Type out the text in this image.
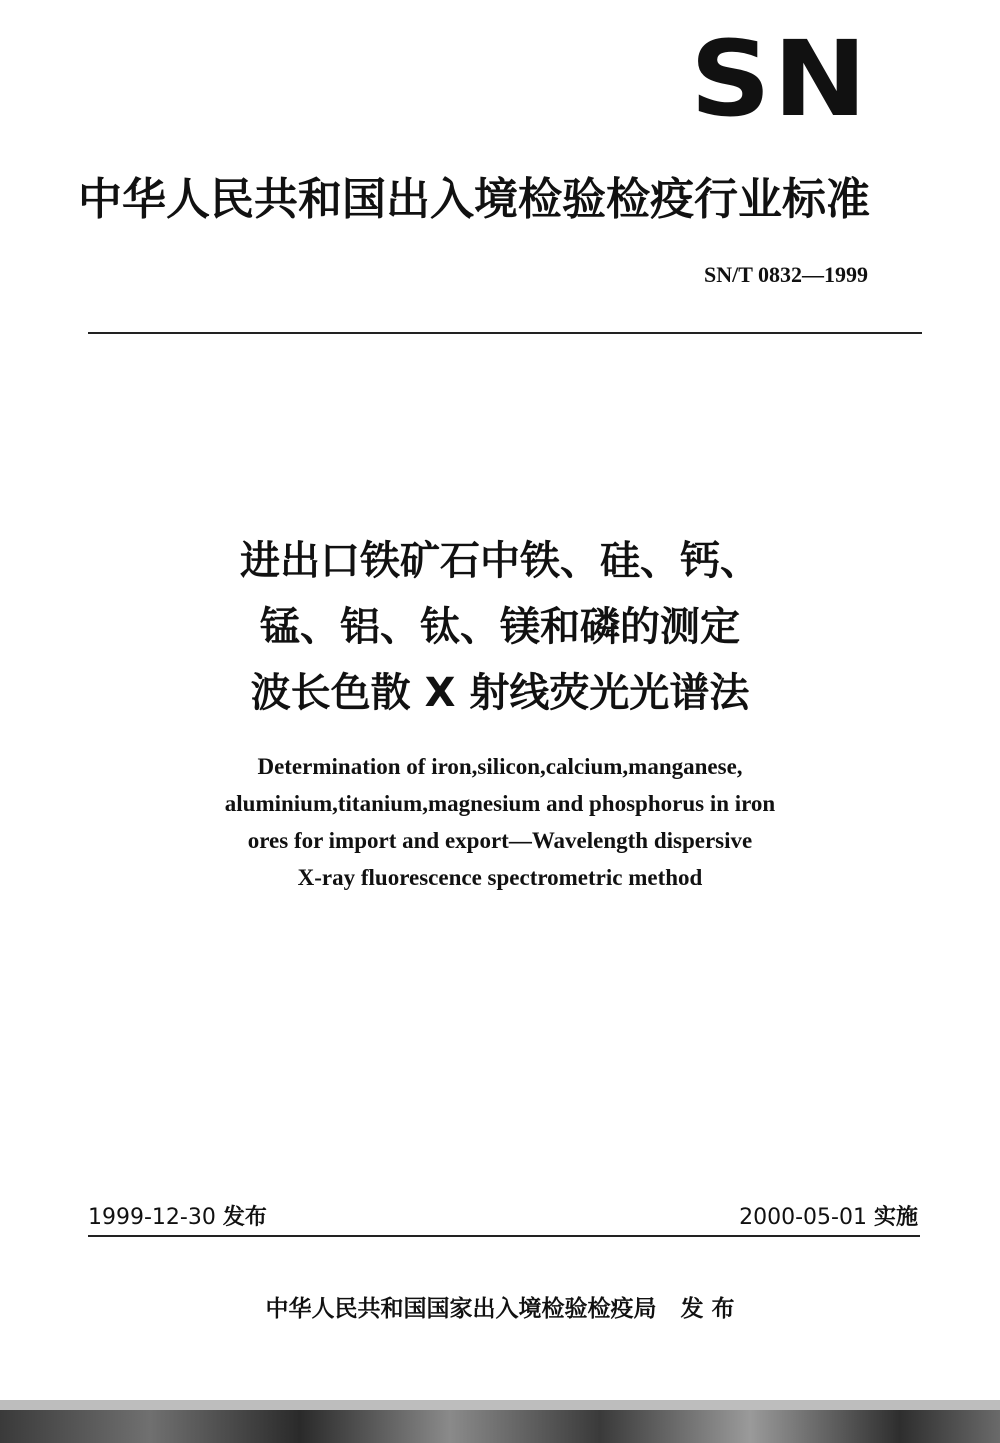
SN
中华人民共和国出入境检验检疫行业标准
SN/T 0832—1999
进出口铁矿石中铁、硅、钙、
锰、铝、钛、镁和磷的测定
波长色散 X 射线荧光光谱法
Determination of iron,silicon,calcium,manganese,
aluminium,titanium,magnesium and phosphorus in iron
ores for import and export—Wavelength dispersive
X-ray fluorescence spectrometric method
1999-12-30 发布	2000-05-01 实施
中华人民共和国国家出入境检验检疫局 发 布
